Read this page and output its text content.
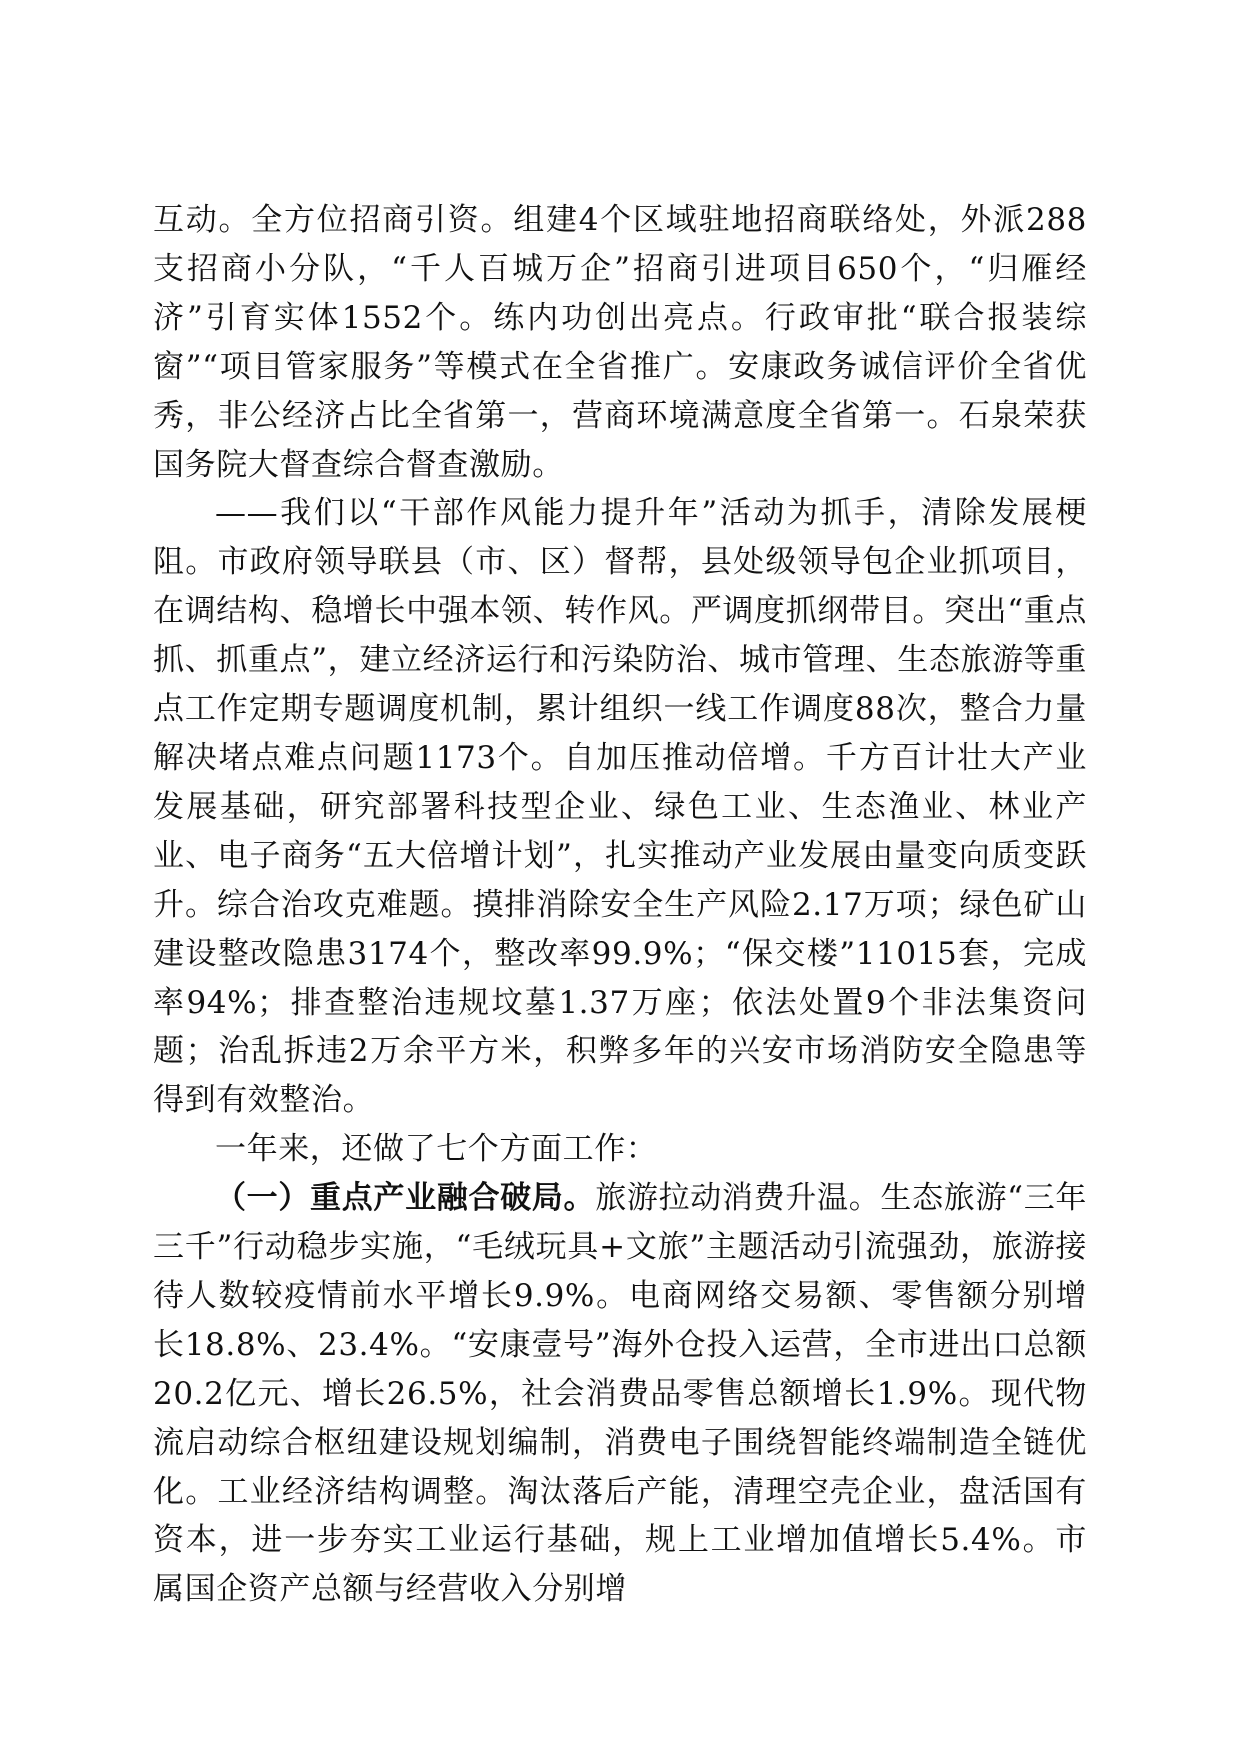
互动。全方位招商引资。组建4个区域驻地招商联络处，外派288支招商小分队，“千人百城万企”招商引进项目650个，“归雁经济”引育实体1552个。练内功创出亮点。行政审批“联合报装综窗”“项目管家服务”等模式在全省推广。安康政务诚信评价全省优秀，非公经济占比全省第一，营商环境满意度全省第一。石泉荣获国务院大督查综合督查激励。

——我们以“干部作风能力提升年”活动为抓手，清除发展梗阻。市政府领导联县（市、区）督帮，县处级领导包企业抓项目，在调结构、稳增长中强本领、转作风。严调度抓纲带目。突出“重点抓、抓重点”，建立经济运行和污染防治、城市管理、生态旅游等重点工作定期专题调度机制，累计组织一线工作调度88次，整合力量解决堵点难点问题1173个。自加压推动倍增。千方百计壮大产业发展基础，研究部署科技型企业、绿色工业、生态渔业、林业产业、电子商务“五大倍增计划”，扎实推动产业发展由量变向质变跃升。综合治攻克难题。摸排消除安全生产风险2.17万项；绿色矿山建设整改隐患3174个，整改率99.9%；“保交楼”11015套，完成率94%；排查整治违规坟墓1.37万座；依法处置9个非法集资问题；治乱拆违2万余平方米，积弊多年的兴安市场消防安全隐患等得到有效整治。

一年来，还做了七个方面工作：

（一）重点产业融合破局。旅游拉动消费升温。生态旅游“三年三千”行动稳步实施，“毛绒玩具+文旅”主题活动引流强劲，旅游接待人数较疫情前水平增长9.9%。电商网络交易额、零售额分别增长18.8%、23.4%。“安康壹号”海外仓投入运营，全市进出口总额20.2亿元、增长26.5%，社会消费品零售总额增长1.9%。现代物流启动综合枢纽建设规划编制，消费电子围绕智能终端制造全链优化。工业经济结构调整。淘汰落后产能，清理空壳企业，盘活国有资本，进一步夯实工业运行基础，规上工业增加值增长5.4%。市属国企资产总额与经营收入分别增
